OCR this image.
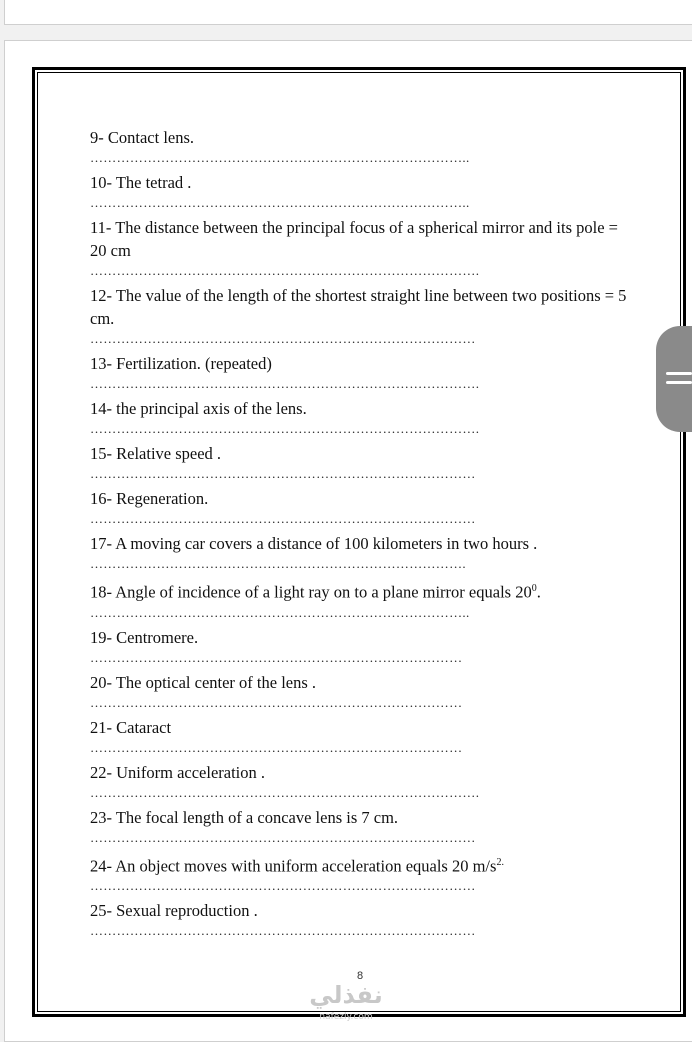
9- Contact lens.

…………………………………………………………………………..

10- The tetrad .

…………………………………………………………………………..

11- The distance between the principal focus of a spherical mirror and its pole = 20 cm

…………………………………………………………………………….

12- The value of the length of the shortest straight line between two positions = 5 cm.

……………………………………………………………………………

13- Fertilization. (repeated)

…………………………………………………………………………….

14- the principal axis of the lens.

…………………………………………………………………………….

15- Relative speed .

……………………………………………………………………………

16- Regeneration.

……………………………………………………………………………

17- A moving car covers a distance of 100 kilometers in two hours .

………………………………………………………………………….

18- Angle of incidence of a light ray on to a plane mirror equals $20^0$.

…………………………………………………………………………..

19- Centromere.

…………………………………………………………………………

20- The optical center of the lens .

…………………………………………………………………………

21- Cataract

…………………………………………………………………………

22- Uniform acceleration .

…………………………………………………………………………….

23- The focal length of a concave lens is 7 cm.

……………………………………………………………………………

24- An object moves with uniform acceleration equals 20 $m/s^{2.}$

……………………………………………………………………………

25- Sexual reproduction .

……………………………………………………………………………
8
نفذلي
nafezly.com
